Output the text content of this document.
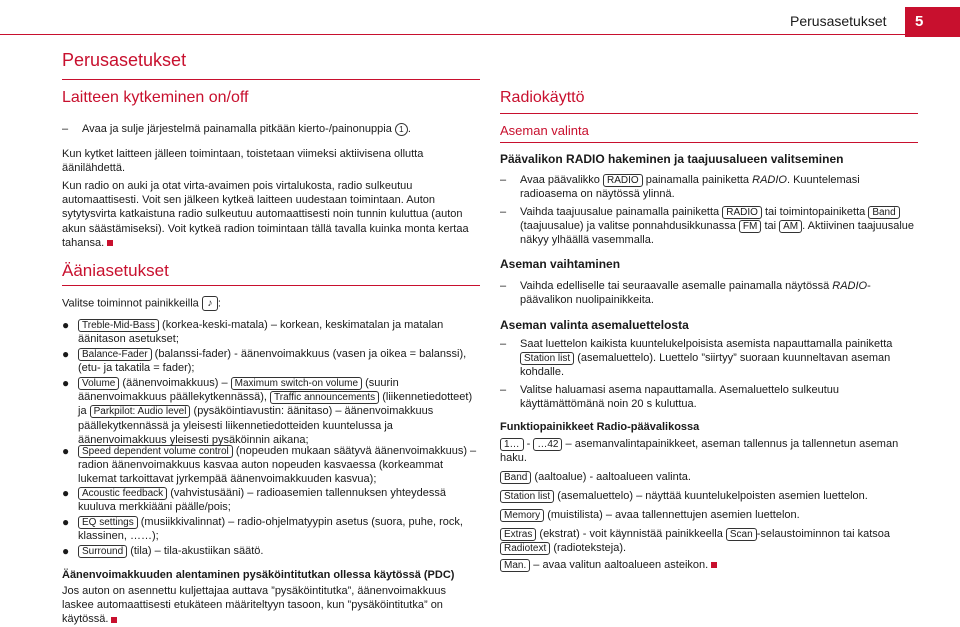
Perusasetukset	5
Perusasetukset
Laitteen kytkeminen on/off
– Avaa ja sulje järjestelmä painamalla pitkään kierto-/painonuppia 1 .
Kun kytket laitteen jälleen toimintaan, toistetaan viimeksi aktiivisena ollutta äänilähdettä.
Kun radio on auki ja otat virta-avaimen pois virtalukosta, radio sulkeutuu automaattisesti. Voit sen jälkeen kytkeä laitteen uudestaan toimintaan. Auton sytytysvirta katkaistuna radio sulkeutuu automaattisesti noin tunnin kuluttua (auton akun säästämiseksi). Voit kytkeä radion toimintaan tällä tavalla kuinka monta kertaa tahansa.
Ääniasetukset
Valitse toiminnot painikkeilla ♪ :
● Treble-Mid-Bass (korkea-keski-matala) – korkean, keskimatalan ja matalan äänitason asetukset;
● Balance-Fader (balanssi-fader) - äänenvoimakkuus (vasen ja oikea = balanssi), (etu- ja takatila = fader);
● Volume (äänenvoimakkuus) – Maximum switch-on volume (suurin äänenvoimakkuus päällekytkennässä), Traffic announcements (liikennetiedotteet) ja Parkpilot: Audio level (pysäköintiavustin: äänitaso) – äänenvoimakkuus päällekytkennässä ja yleisesti liikennetiedotteiden kuuntelussa ja äänenvoimakkuus yleisesti pysäköinnin aikana;
● Speed dependent volume control (nopeuden mukaan säätyvä äänenvoimakkuus) – radion äänenvoimakkuus kasvaa auton nopeuden kasvaessa (korkeammat lukemat tarkoittavat jyrkempää äänenvoimakkuuden kasvua);
● Acoustic feedback (vahvistusääni) – radioasemien tallennuksen yhteydessä kuuluva merkkiääni päälle/pois;
● EQ settings (musiikkivalinnat) – radio-ohjelmatyypin asetus (suora, puhe, rock, klassinen, ……);
● Surround (tila) – tila-akustiikan säätö.
Äänenvoimakkuuden alentaminen pysäköintitutkan ollessa käytössä (PDC)
Jos auton on asennettu kuljettajaa auttava ”pysäköintitutka”, äänenvoimakkuus laskee automaattisesti etukäteen määriteltyyn tasoon, kun ”pysäköintitutka” on käytössä.
Radiokäyttö
Aseman valinta
Päävalikon RADIO hakeminen ja taajuusalueen valitseminen
– Avaa päävalikko RADIO painamalla painiketta RADIO. Kuuntelemasi radioasema on näytössä ylinnä.
– Vaihda taajuusalue painamalla painiketta RADIO tai toimintopainiketta Band (taajuusalue) ja valitse ponnahdusikkunassa FM tai AM . Aktiivinen taajuusalue näkyy ylhäällä vasemmalla.
Aseman vaihtaminen
– Vaihda edelliselle tai seuraavalle asemalle painamalla näytössä RADIO-päävalikon nuolipainikkeita.
Aseman valinta asemaluettelosta
– Saat luettelon kaikista kuuntelukelpoisista asemista napauttamalla painiketta Station list (asemaluettelo). Luettelo ”siirtyy” suoraan kuunneltavan aseman kohdalle.
– Valitse haluamasi asema napauttamalla. Asemaluettelo sulkeutuu käyttämättömänä noin 20 s kuluttua.
Funktiopainikkeet Radio-päävalikossa
1… - …42 – asemanvalintapainikkeet, aseman tallennus ja tallennetun aseman haku.
Band (aaltoalue) - aaltoalueen valinta.
Station list (asemaluettelo) – näyttää kuuntelukelpoisten asemien luettelon.
Memory (muistilista) – avaa tallennettujen asemien luettelon.
Extras (ekstrat) - voit käynnistää painikkeella Scan -selaustoiminnon tai katsoa Radiotext (radioteksteja).
Man. – avaa valitun aaltoalueen asteikon.
